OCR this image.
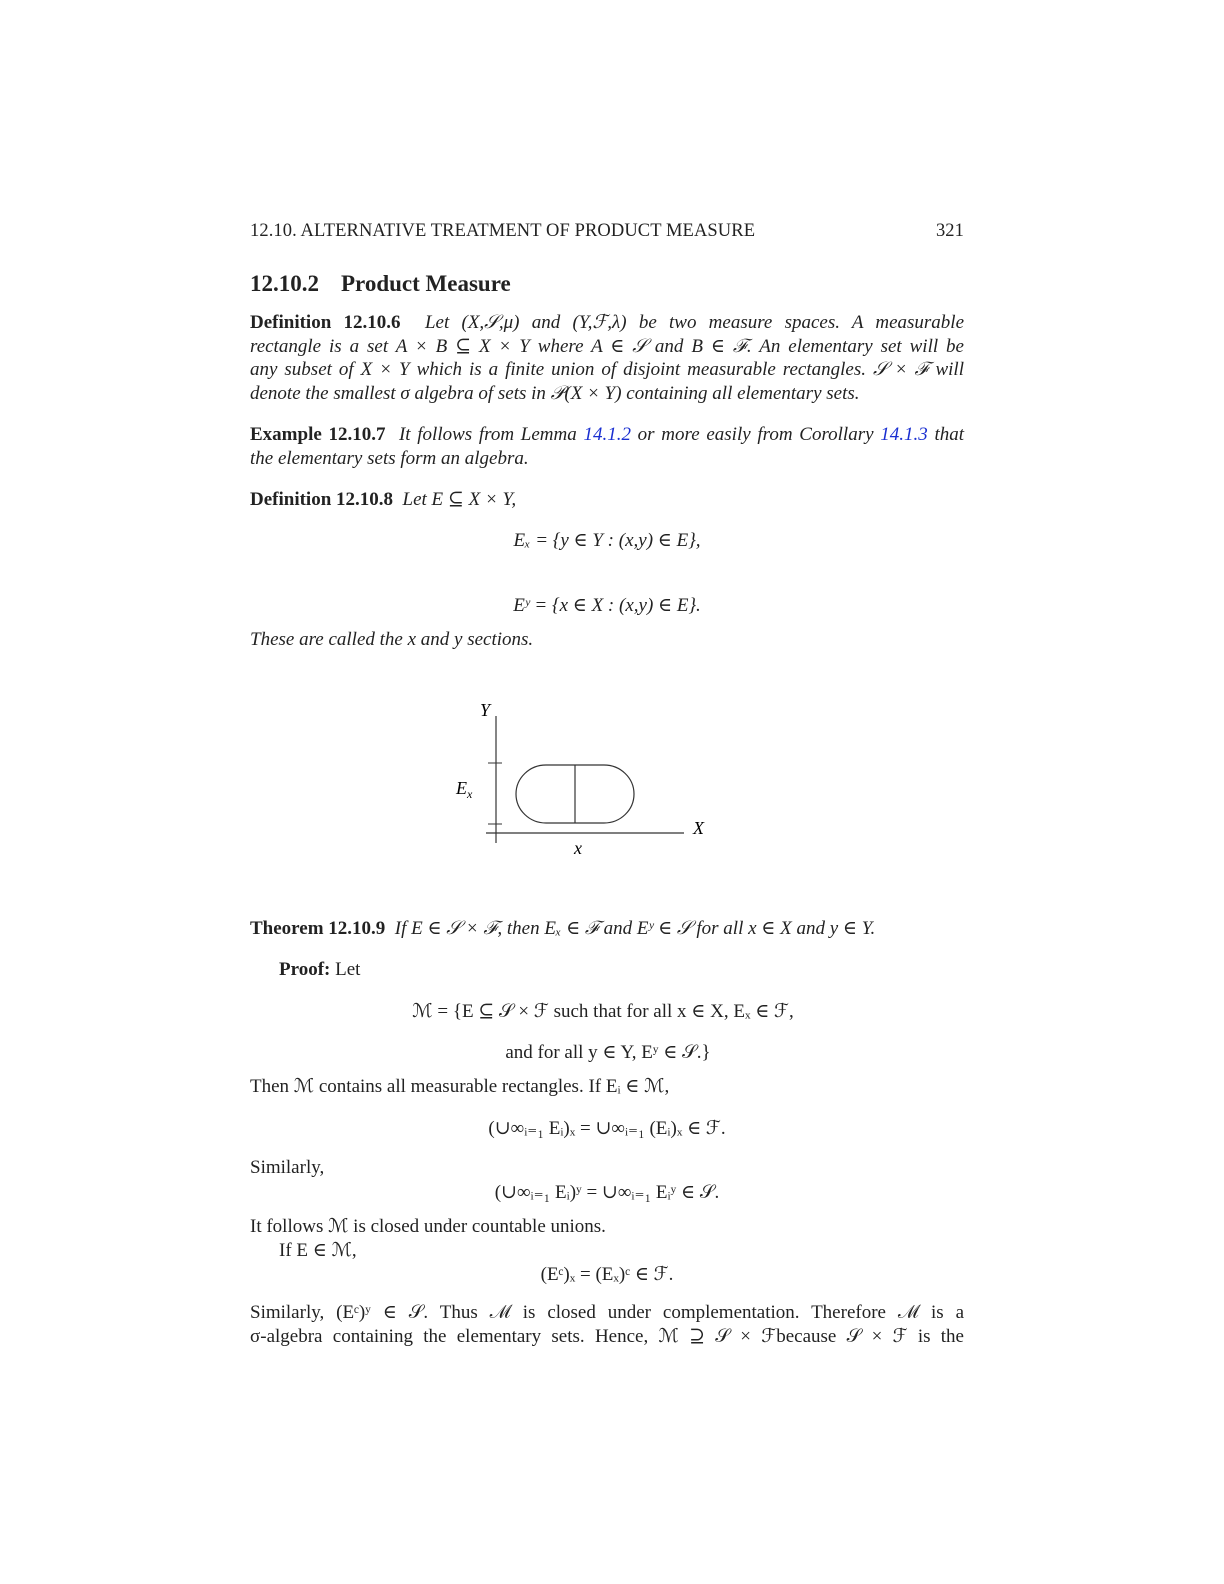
12.10. ALTERNATIVE TREATMENT OF PRODUCT MEASURE	321
12.10.2 Product Measure
Definition 12.10.6 Let (X,𝒮,μ) and (Y,ℱ,λ) be two measure spaces. A measurable
rectangle is a set A × B ⊆ X × Y where A ∈ 𝒮 and B ∈ ℱ. An elementary set will be
any subset of X × Y which is a finite union of disjoint measurable rectangles. 𝒮 × ℱ will
denote the smallest σ algebra of sets in 𝒫(X × Y) containing all elementary sets.
Example 12.10.7 It follows from Lemma 14.1.2 or more easily from Corollary 14.1.3 that
the elementary sets form an algebra.
Definition 12.10.8 Let E ⊆ X × Y,
Eₓ = {y ∈ Y : (x,y) ∈ E},
Eʸ = {x ∈ X : (x,y) ∈ E}.
These are called the x and y sections.
Y
X
$E_x$
x
Theorem 12.10.9 If E ∈ 𝒮 × ℱ, then Eₓ ∈ ℱ and Eʸ ∈ 𝒮 for all x ∈ X and y ∈ Y.
Proof: Let
ℳ = {E ⊆ 𝒮 × ℱ such that for all x ∈ X, Eₓ ∈ ℱ,
and for all y ∈ Y, Eʸ ∈ 𝒮.}
Then ℳ contains all measurable rectangles. If Eᵢ ∈ ℳ,
(∪∞ᵢ₌₁ Eᵢ)ₓ = ∪∞ᵢ₌₁ (Eᵢ)ₓ ∈ ℱ.
Similarly,
(∪∞ᵢ₌₁ Eᵢ)ʸ = ∪∞ᵢ₌₁ Eᵢʸ ∈ 𝒮.
It follows ℳ is closed under countable unions.
If E ∈ ℳ,
(Eᶜ)ₓ = (Eₓ)ᶜ ∈ ℱ.
Similarly, (Eᶜ)ʸ ∈ 𝒮. Thus ℳ is closed under complementation. Therefore ℳ is a
σ-algebra containing the elementary sets. Hence, ℳ ⊇ 𝒮 × ℱbecause 𝒮 × ℱ is the
